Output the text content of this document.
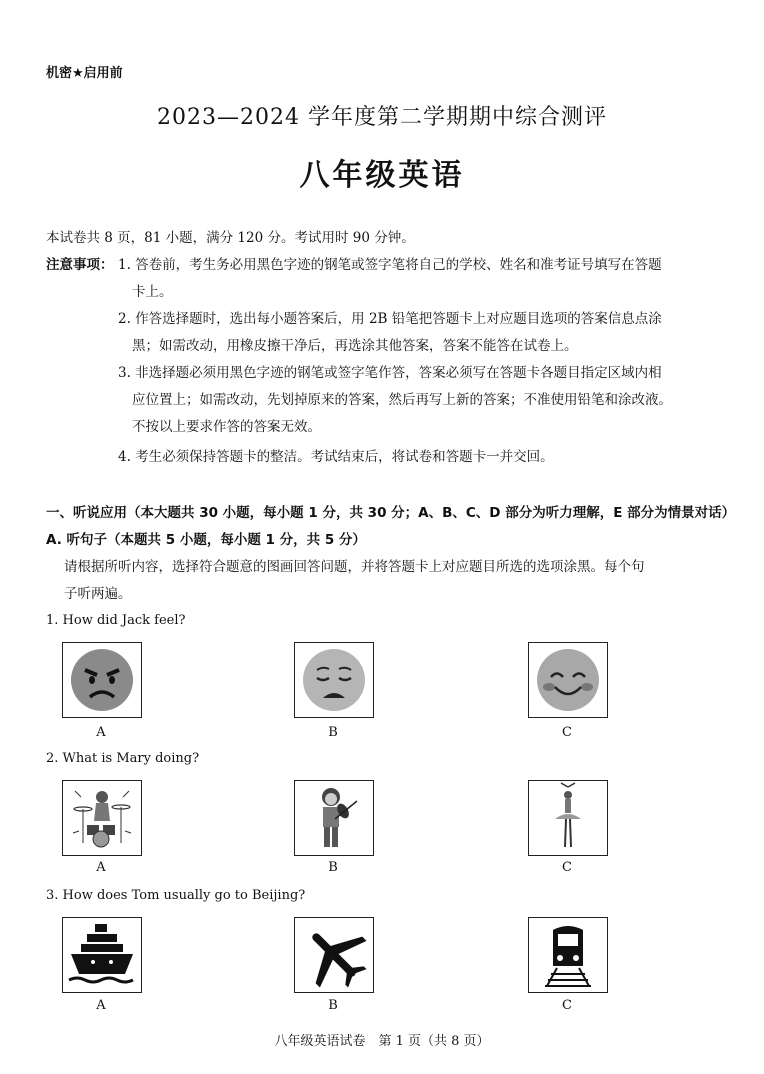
机密★启用前
2023—2024 学年度第二学期期中综合测评
八年级英语
本试卷共 8 页，81 小题，满分 120 分。考试用时 90 分钟。
注意事项： 1. 答卷前，考生务必用黑色字迹的钢笔或签字笔将自己的学校、姓名和准考证号填写在答题
卡上。
2. 作答选择题时，选出每小题答案后，用 2B 铅笔把答题卡上对应题目选项的答案信息点涂
黑；如需改动，用橡皮擦干净后，再选涂其他答案，答案不能答在试卷上。
3. 非选择题必须用黑色字迹的钢笔或签字笔作答，答案必须写在答题卡各题目指定区域内相
应位置上；如需改动，先划掉原来的答案，然后再写上新的答案；不准使用铅笔和涂改液。
不按以上要求作答的答案无效。
4. 考生必须保持答题卡的整洁。考试结束后，将试卷和答题卡一并交回。
一、听说应用（本大题共 30 小题，每小题 1 分，共 30 分；A、B、C、D 部分为听力理解，E 部分为情景对话）
A. 听句子（本题共 5 小题，每小题 1 分，共 5 分）
请根据所听内容，选择符合题意的图画回答问题，并将答题卡上对应题目所选的选项涂黑。每个句
子听两遍。
1. How did Jack feel?
A	B	C
2. What is Mary doing?
A	B	C
3. How does Tom usually go to Beijing?
A	B	C
八年级英语试卷　第 1 页（共 8 页）
